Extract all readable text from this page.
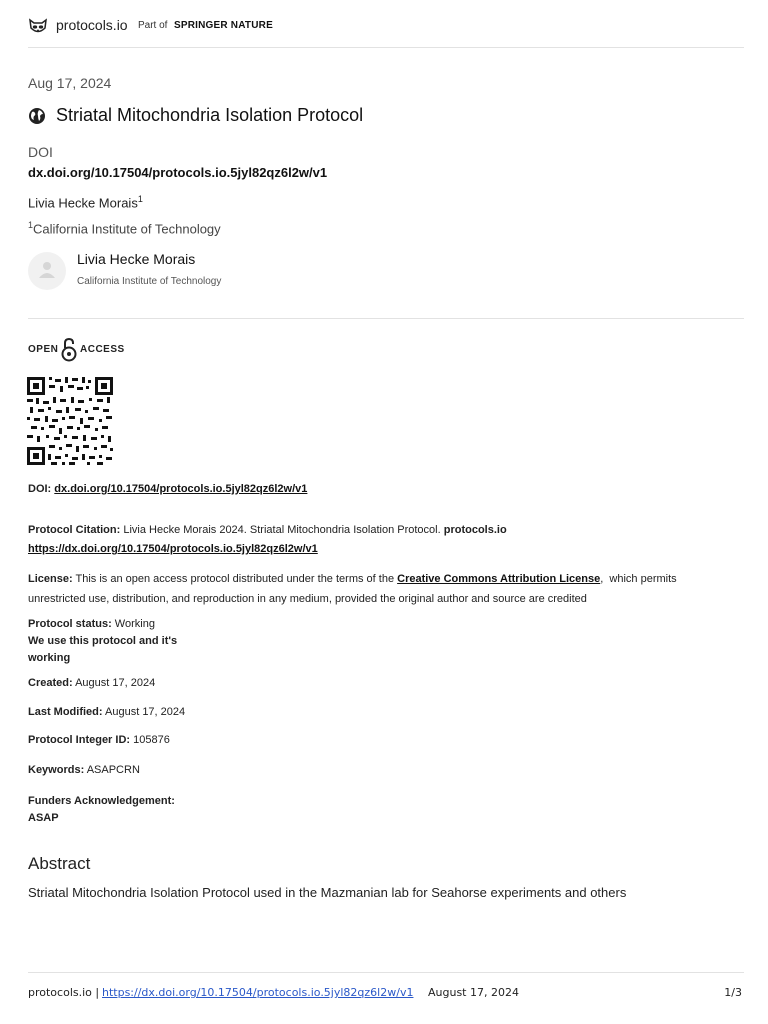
protocols.io Part of SPRINGER NATURE
Aug 17, 2024
Striatal Mitochondria Isolation Protocol
DOI
dx.doi.org/10.17504/protocols.io.5jyl82qz6l2w/v1
Livia Hecke Morais$^1$
$^1$California Institute of Technology
Livia Hecke Morais
California Institute of Technology
OPEN ACCESS
DOI: dx.doi.org/10.17504/protocols.io.5jyl82qz6l2w/v1
Protocol Citation: Livia Hecke Morais 2024. Striatal Mitochondria Isolation Protocol. protocols.io
https://dx.doi.org/10.17504/protocols.io.5jyl82qz6l2w/v1
License: This is an open access protocol distributed under the terms of the Creative Commons Attribution License,  which permits
unrestricted use, distribution, and reproduction in any medium, provided the original author and source are credited
Protocol status: Working
We use this protocol and it's
working
Created: August 17, 2024
Last Modified: August 17, 2024
Protocol Integer ID: 105876
Keywords: ASAPCRN
Funders Acknowledgement:
ASAP
Abstract
Striatal Mitochondria Isolation Protocol used in the Mazmanian lab for Seahorse experiments and others
protocols.io | https://dx.doi.org/10.17504/protocols.io.5jyl82qz6l2w/v1 August 17, 2024	1/3
